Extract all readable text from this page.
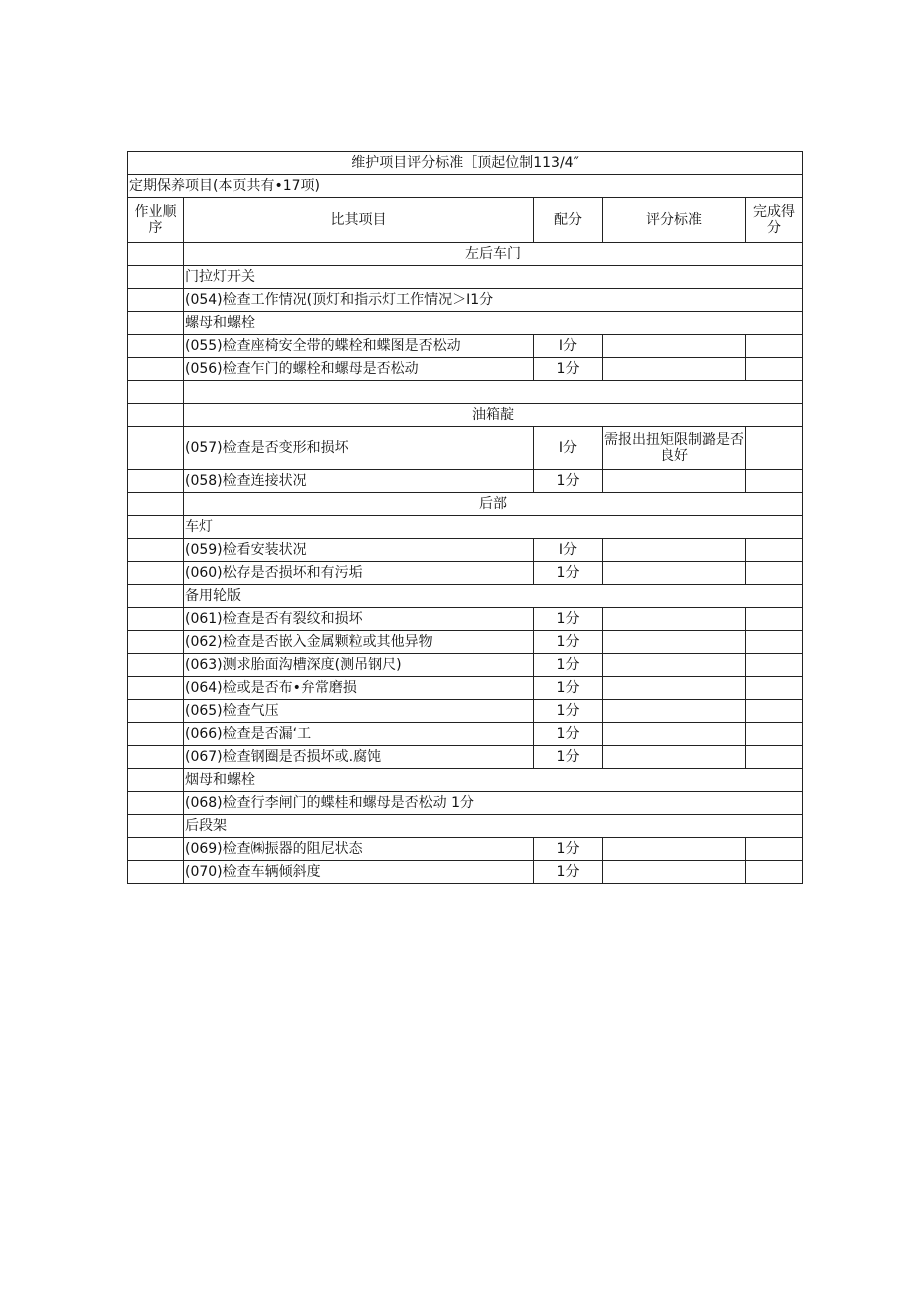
维护项目评分标准［顶起位制113/4″				
定期保养项目(本页共有•17项)				
作业顺序	比其项目	配分	评分标准	完成得分
	左后车门			
	门拉灯开关			
	(054)检查工作情况(顶灯和指示灯工作情况＞I1分			
	螺母和螺栓			
	(055)检查座椅安全带的蝶栓和蝶图是否松动	I分		
	(056)检查乍门的螺栓和螺母是否松动	1分		

	油箱靛			
	(057)检查是否变形和损坏	I分	需报出扭矩限制潞是否良好	
	(058)检查连接状况	1分		
	后部			
	车灯			
	(059)检看安装状况	I分		
	(060)松存是否损坏和有污垢	1分		
	备用轮版			
	(061)检查是否有裂纹和损坏	1分		
	(062)检查是否嵌入金属颗粒或其他异物	1分		
	(063)测求胎面沟槽深度(测吊钢尺)	1分		
	(064)检或是否布•弁常磨损	1分		
	(065)检查气压	1分		
	(066)检查是否漏‘工	1分		
	(067)检查钢圈是否损坏或.腐饨	1分		
	烟母和螺栓			
	(068)检查行李闸门的蝶桂和螺母是否松动 1分			
	后段架			
	(069)检查㈱振器的阻尼状态	1分		
	(070)检查车辆倾斜度	1分		
